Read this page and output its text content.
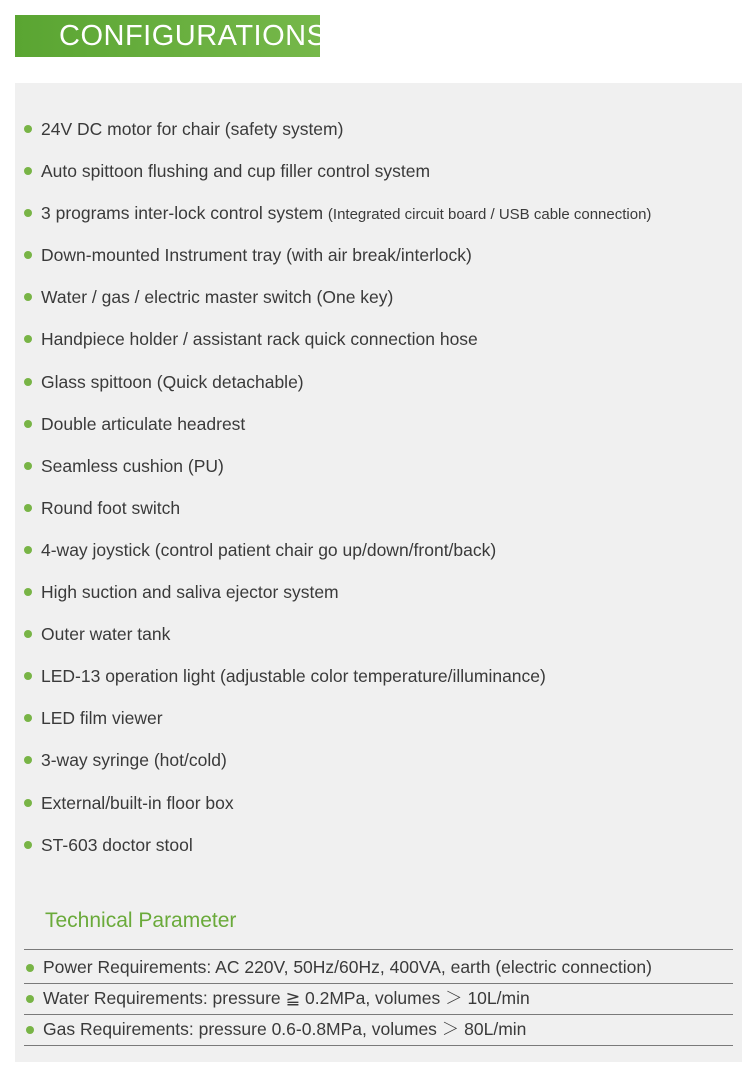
CONFIGURATIONS
24V DC motor for chair (safety system)
Auto spittoon flushing and cup filler control system
3 programs inter-lock control system (Integrated circuit board / USB cable connection)
Down-mounted Instrument tray (with air break/interlock)
Water / gas / electric master switch (One key)
Handpiece holder / assistant rack quick connection hose
Glass spittoon (Quick detachable)
Double articulate headrest
Seamless cushion (PU)
Round foot switch
4-way joystick (control patient chair go up/down/front/back)
High suction and saliva ejector system
Outer water tank
LED-13 operation light (adjustable color temperature/illuminance)
LED film viewer
3-way syringe (hot/cold)
External/built-in floor box
ST-603 doctor stool
Technical Parameter
Power Requirements: AC 220V, 50Hz/60Hz, 400VA, earth (electric connection)
Water Requirements: pressure ≧ 0.2MPa, volumes ＞ 10L/min
Gas Requirements: pressure 0.6-0.8MPa, volumes ＞ 80L/min
